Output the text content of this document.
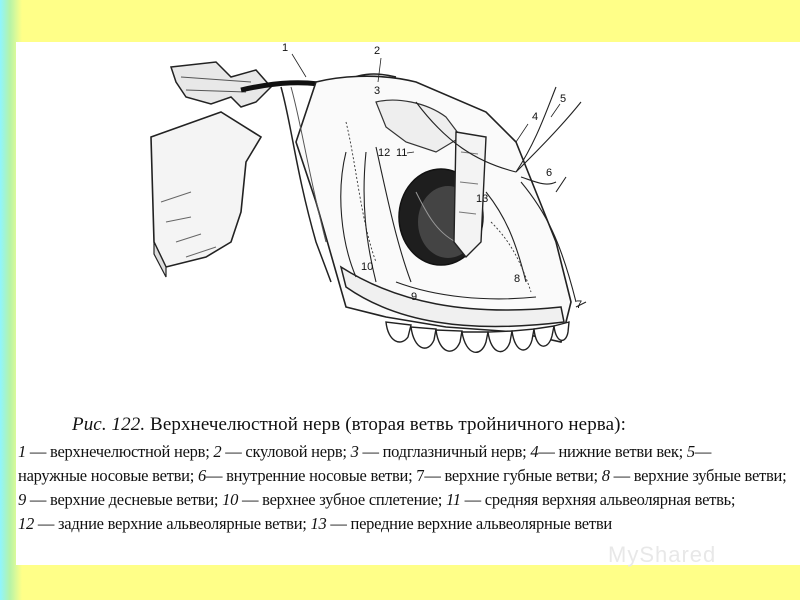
1	2
3
4
5
6
7
8
9
10
11
12
13
Рис. 122. Верхнечелюстной нерв (вторая ветвь тройничного нерва):
1 — верхнечелюстной нерв; 2 — скуловой нерв; 3 — подглазничный нерв; 4— нижние ветви век; 5—
наружные носовые ветви; 6— внутренние носовые ветви; 7— верхние губные ветви; 8 — верхние зубные ветви;
9 — верхние десневые ветви; 10 — верхнее зубное сплетение; 11 — средняя верхняя альвеолярная ветвь;
12 — задние верхние альвеолярные ветви; 13 — передние верхние альвеолярные ветви
MyShared
